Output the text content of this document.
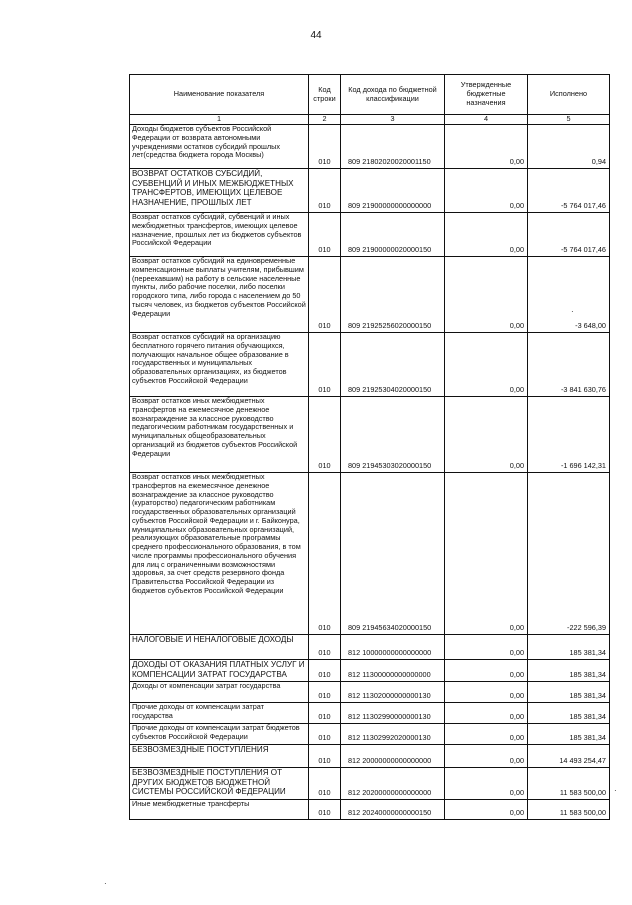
44
Наименование показателя	Код строки	Код дохода по бюджетной классификации	Утвержденные бюджетные назначения	Исполнено
1	2	3	4	5
Доходы бюджетов субъектов Российской Федерации от возврата автономными учреждениями остатков субсидий прошлых лет(средства бюджета города Москвы)	010	809 21802020020001150	0,00	0,94
ВОЗВРАТ ОСТАТКОВ СУБСИДИЙ, СУБВЕНЦИЙ И ИНЫХ МЕЖБЮДЖЕТНЫХ ТРАНСФЕРТОВ, ИМЕЮЩИХ ЦЕЛЕВОЕ НАЗНАЧЕНИЕ, ПРОШЛЫХ ЛЕТ	010	809 21900000000000000	0,00	-5 764 017,46
Возврат остатков субсидий, субвенций и иных межбюджетных трансфертов, имеющих целевое назначение, прошлых лет из бюджетов субъектов Российской Федерации	010	809 21900000020000150	0,00	-5 764 017,46
Возврат остатков субсидий на единовременные компенсационные выплаты учителям, прибывшим (переехавшим) на работу в сельские населенные пункты, либо рабочие поселки, либо поселки городского типа, либо города с населением до 50 тысяч человек, из бюджетов субъектов Российской Федерации	010	809 21925256020000150	0,00	-3 648,00
Возврат остатков субсидий на организацию бесплатного горячего питания обучающихся, получающих начальное общее образование в государственных и муниципальных образовательных организациях, из бюджетов субъектов Российской Федерации	010	809 21925304020000150	0,00	-3 841 630,76
Возврат остатков иных межбюджетных трансфертов на ежемесячное денежное вознаграждение за классное руководство педагогическим работникам государственных и муниципальных общеобразовательных организаций из бюджетов субъектов Российской Федерации	010	809 21945303020000150	0,00	-1 696 142,31
Возврат остатков иных межбюджетных трансфертов на ежемесячное денежное вознаграждение за классное руководство (кураторство) педагогическим работникам государственных образовательных организаций субъектов Российской Федерации и г. Байконура, муниципальных образовательных организаций, реализующих образовательные программы среднего профессионального образования, в том числе программы профессионального обучения для лиц с ограниченными возможностями здоровья, за счет средств резервного фонда Правительства Российской Федерации из бюджетов субъектов Российской Федерации	010	809 21945634020000150	0,00	-222 596,39
НАЛОГОВЫЕ И НЕНАЛОГОВЫЕ ДОХОДЫ	010	812 10000000000000000	0,00	185 381,34
ДОХОДЫ ОТ ОКАЗАНИЯ ПЛАТНЫХ УСЛУГ И КОМПЕНСАЦИИ ЗАТРАТ ГОСУДАРСТВА	010	812 11300000000000000	0,00	185 381,34
Доходы от компенсации затрат государства	010	812 11302000000000130	0,00	185 381,34
Прочие доходы от компенсации затрат государства	010	812 11302990000000130	0,00	185 381,34
Прочие доходы от компенсации затрат бюджетов субъектов Российской Федерации	010	812 11302992020000130	0,00	185 381,34
БЕЗВОЗМЕЗДНЫЕ ПОСТУПЛЕНИЯ	010	812 20000000000000000	0,00	14 493 254,47
БЕЗВОЗМЕЗДНЫЕ ПОСТУПЛЕНИЯ ОТ ДРУГИХ БЮДЖЕТОВ БЮДЖЕТНОЙ СИСТЕМЫ РОССИЙСКОЙ ФЕДЕРАЦИИ	010	812 20200000000000000	0,00	11 583 500,00
Иные межбюджетные трансферты	010	812 20240000000000150	0,00	11 583 500,00
·
·
·
